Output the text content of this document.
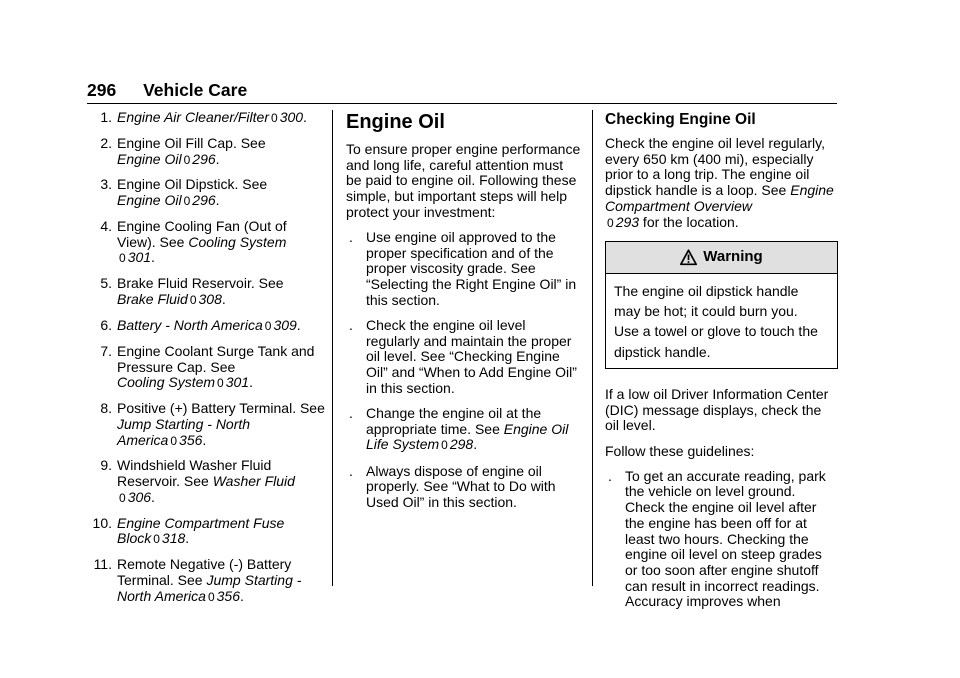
296 Vehicle Care
1. Engine Air Cleaner/Filter 0 300.
2. Engine Oil Fill Cap. See
Engine Oil 0 296.
3. Engine Oil Dipstick. See
Engine Oil 0 296.
4. Engine Cooling Fan (Out of View). See Cooling System
0 301.
5. Brake Fluid Reservoir. See
Brake Fluid 0 308.
6. Battery - North America 0 309.
7. Engine Coolant Surge Tank and Pressure Cap. See
Cooling System 0 301.
8. Positive (+) Battery Terminal. See Jump Starting - North America 0 356.
9. Windshield Washer Fluid Reservoir. See Washer Fluid
0 306.
10. Engine Compartment Fuse Block 0 318.
11. Remote Negative (-) Battery Terminal. See Jump Starting - North America 0 356.
Engine Oil

To ensure proper engine performance and long life, careful attention must be paid to engine oil. Following these simple, but important steps will help protect your investment:

. Use engine oil approved to the proper specification and of the proper viscosity grade. See “Selecting the Right Engine Oil” in this section.
. Check the engine oil level regularly and maintain the proper oil level. See “Checking Engine Oil” and “When to Add Engine Oil” in this section.
. Change the engine oil at the appropriate time. See Engine Oil Life System 0 298.
. Always dispose of engine oil properly. See “What to Do with Used Oil” in this section.
Checking Engine Oil

Check the engine oil level regularly, every 650 km (400 mi), especially prior to a long trip. The engine oil dipstick handle is a loop. See Engine Compartment Overview
0 293 for the location.

Warning
The engine oil dipstick handle
may be hot; it could burn you.
Use a towel or glove to touch the
dipstick handle.

If a low oil Driver Information Center (DIC) message displays, check the oil level.

Follow these guidelines:

. To get an accurate reading, park the vehicle on level ground. Check the engine oil level after the engine has been off for at least two hours. Checking the engine oil level on steep grades or too soon after engine shutoff can result in incorrect readings. Accuracy improves when
